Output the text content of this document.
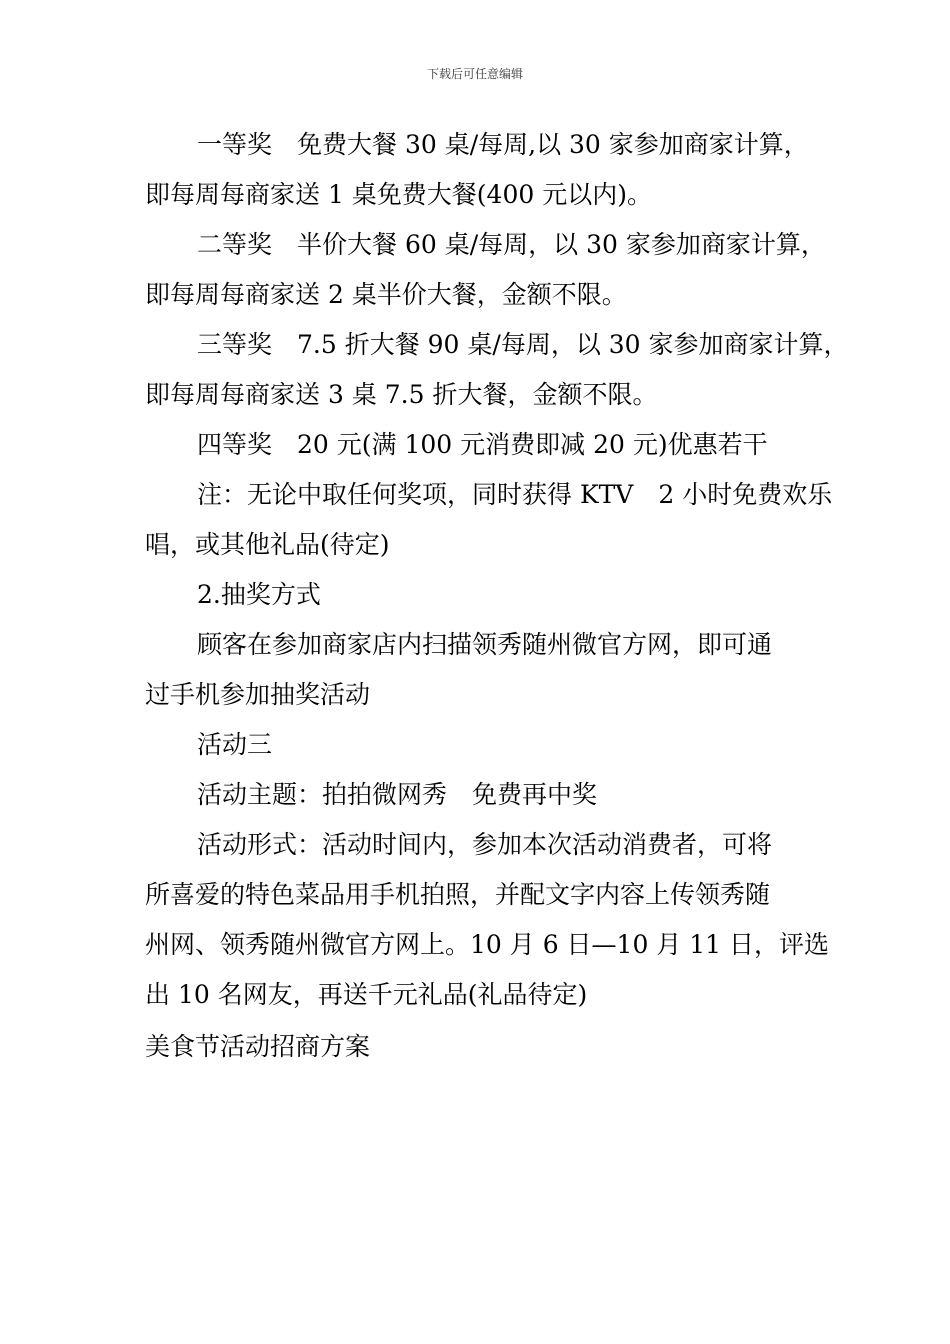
下载后可任意编辑

一等奖　免费大餐 30 桌/每周,以 30 家参加商家计算，

即每周每商家送 1 桌免费大餐(400 元以内)。

二等奖　半价大餐 60 桌/每周，以 30 家参加商家计算，

即每周每商家送 2 桌半价大餐，金额不限。

三等奖　7.5 折大餐 90 桌/每周，以 30 家参加商家计算，

即每周每商家送 3 桌 7.5 折大餐，金额不限。

四等奖　20 元(满 100 元消费即减 20 元)优惠若干

注：无论中取任何奖项，同时获得 KTV　2 小时免费欢乐

唱，或其他礼品(待定)

2.抽奖方式

顾客在参加商家店内扫描领秀随州微官方网，即可通

过手机参加抽奖活动

活动三

活动主题：拍拍微网秀　免费再中奖

活动形式：活动时间内，参加本次活动消费者，可将

所喜爱的特色菜品用手机拍照，并配文字内容上传领秀随

州网、领秀随州微官方网上。10 月 6 日—10 月 11 日，评选

出 10 名网友，再送千元礼品(礼品待定)

美食节活动招商方案
